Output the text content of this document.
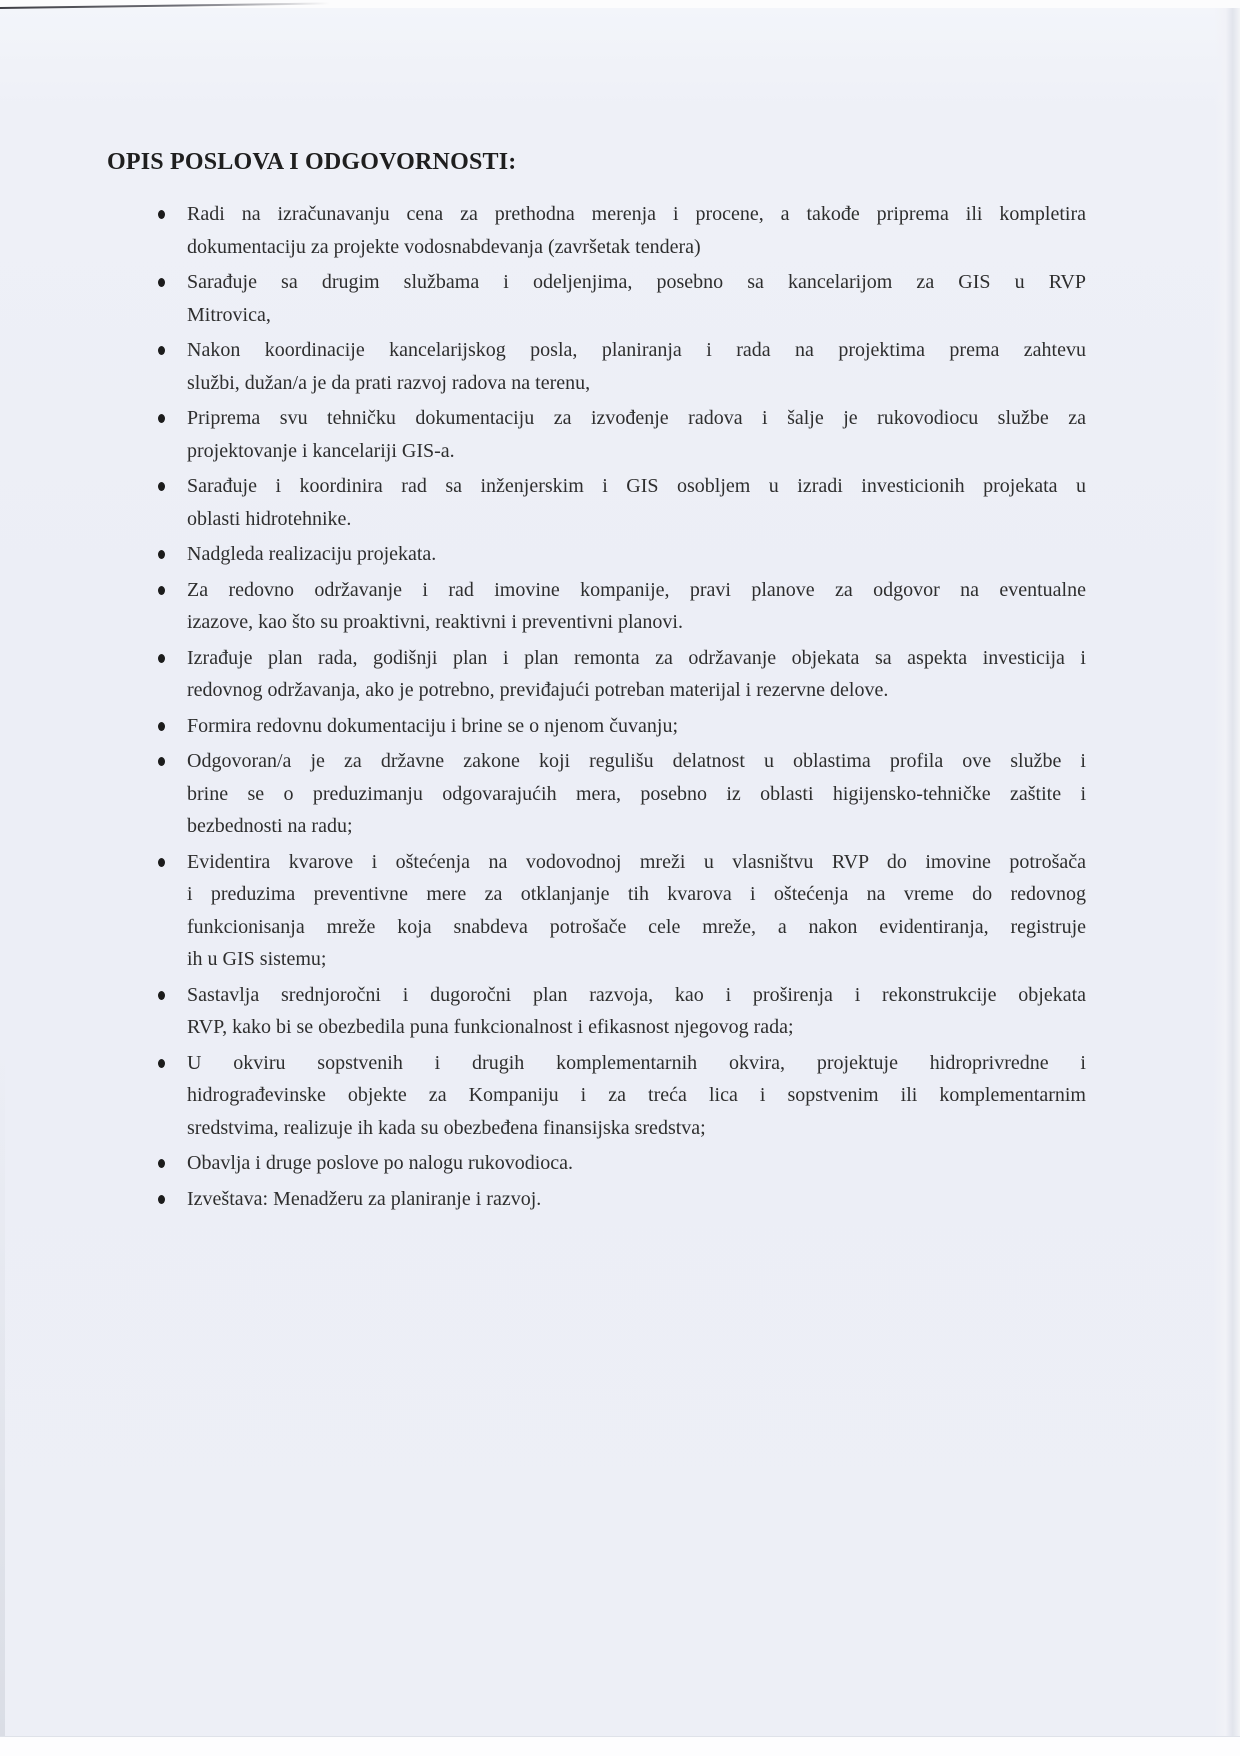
OPIS POSLOVA I ODGOVORNOSTI:
Radi na izračunavanju cena za prethodna merenja i procene, a takođe priprema ili kompletira
dokumentaciju za projekte vodosnabdevanja (završetak tendera)
Sarađuje sa drugim službama i odeljenjima, posebno sa kancelarijom za GIS u RVP
Mitrovica,
Nakon koordinacije kancelarijskog posla, planiranja i rada na projektima prema zahtevu
službi, dužan/a je da prati razvoj radova na terenu,
Priprema svu tehničku dokumentaciju za izvođenje radova i šalje je rukovodiocu službe za
projektovanje i kancelariji GIS-a.
Sarađuje i koordinira rad sa inženjerskim i GIS osobljem u izradi investicionih projekata u
oblasti hidrotehnike.
Nadgleda realizaciju projekata.
Za redovno održavanje i rad imovine kompanije, pravi planove za odgovor na eventualne
izazove, kao što su proaktivni, reaktivni i preventivni planovi.
Izrađuje plan rada, godišnji plan i plan remonta za održavanje objekata sa aspekta investicija i
redovnog održavanja, ako je potrebno, previđajući potreban materijal i rezervne delove.
Formira redovnu dokumentaciju i brine se o njenom čuvanju;
Odgovoran/a je za državne zakone koji regulišu delatnost u oblastima profila ove službe i
brine se o preduzimanju odgovarajućih mera, posebno iz oblasti higijensko-tehničke zaštite i
bezbednosti na radu;
Evidentira kvarove i oštećenja na vodovodnoj mreži u vlasništvu RVP do imovine potrošača
i preduzima preventivne mere za otklanjanje tih kvarova i oštećenja na vreme do redovnog
funkcionisanja mreže koja snabdeva potrošače cele mreže, a nakon evidentiranja, registruje
ih u GIS sistemu;
Sastavlja srednjoročni i dugoročni plan razvoja, kao i proširenja i rekonstrukcije objekata
RVP, kako bi se obezbedila puna funkcionalnost i efikasnost njegovog rada;
U okviru sopstvenih i drugih komplementarnih okvira, projektuje hidroprivredne i
hidrograđevinske objekte za Kompaniju i za treća lica i sopstvenim ili komplementarnim
sredstvima, realizuje ih kada su obezbeđena finansijska sredstva;
Obavlja i druge poslove po nalogu rukovodioca.
Izveštava: Menadžeru za planiranje i razvoj.
